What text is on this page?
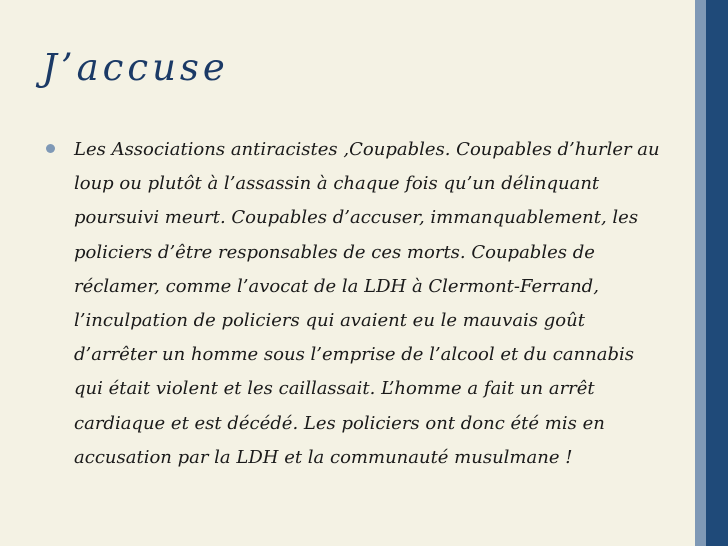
J’accuse

Les Associations antiracistes ,Coupables. Coupables d’hurler au loup ou plutôt à l’assassin à chaque fois qu’un délinquant poursuivi meurt. Coupables d’accuser, immanquablement, les policiers d’être responsables de ces morts. Coupables de réclamer, comme l’avocat de la LDH à Clermont-Ferrand, l’inculpation de policiers qui avaient eu le mauvais goût d’arrêter un homme sous l’emprise de l’alcool et du cannabis qui était violent et les caillassait. L’homme a fait un arrêt cardiaque et est décédé. Les policiers ont donc été mis en accusation par la LDH et la communauté musulmane !
